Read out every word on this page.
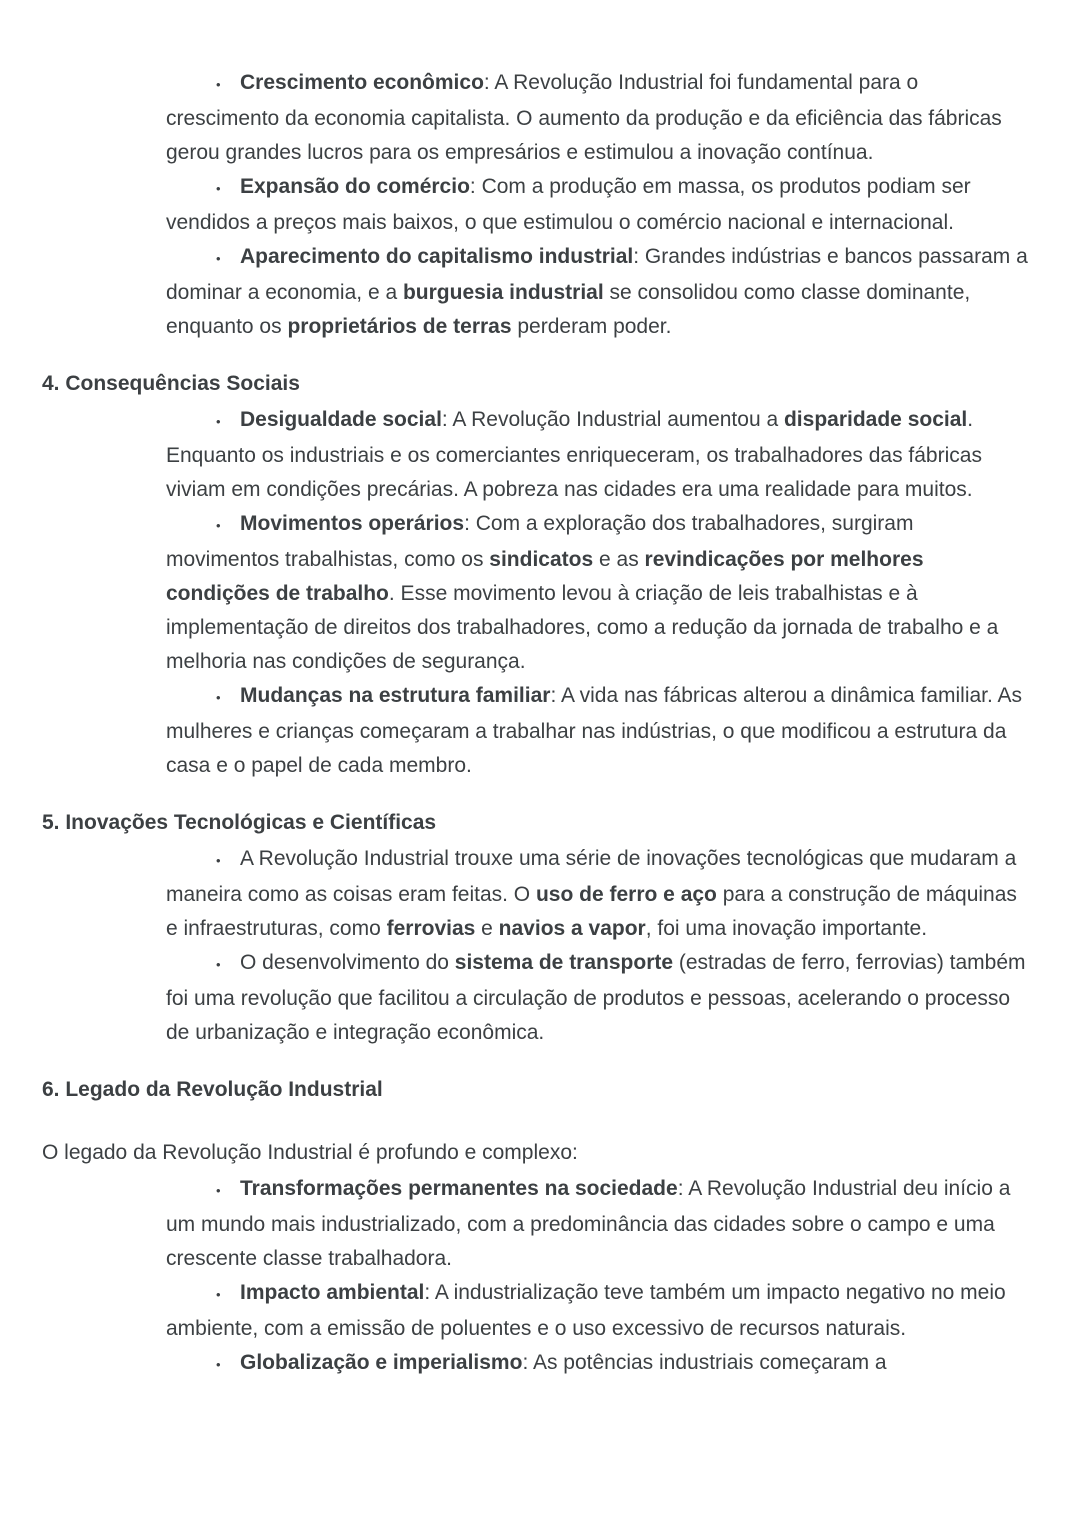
• Crescimento econômico: A Revolução Industrial foi fundamental para o crescimento da economia capitalista. O aumento da produção e da eficiência das fábricas gerou grandes lucros para os empresários e estimulou a inovação contínua.

• Expansão do comércio: Com a produção em massa, os produtos podiam ser vendidos a preços mais baixos, o que estimulou o comércio nacional e internacional.

• Aparecimento do capitalismo industrial: Grandes indústrias e bancos passaram a dominar a economia, e a burguesia industrial se consolidou como classe dominante, enquanto os proprietários de terras perderam poder.

4. Consequências Sociais

• Desigualdade social: A Revolução Industrial aumentou a disparidade social. Enquanto os industriais e os comerciantes enriqueceram, os trabalhadores das fábricas viviam em condições precárias. A pobreza nas cidades era uma realidade para muitos.

• Movimentos operários: Com a exploração dos trabalhadores, surgiram movimentos trabalhistas, como os sindicatos e as revindicações por melhores condições de trabalho. Esse movimento levou à criação de leis trabalhistas e à implementação de direitos dos trabalhadores, como a redução da jornada de trabalho e a melhoria nas condições de segurança.

• Mudanças na estrutura familiar: A vida nas fábricas alterou a dinâmica familiar. As mulheres e crianças começaram a trabalhar nas indústrias, o que modificou a estrutura da casa e o papel de cada membro.

5. Inovações Tecnológicas e Científicas

• A Revolução Industrial trouxe uma série de inovações tecnológicas que mudaram a maneira como as coisas eram feitas. O uso de ferro e aço para a construção de máquinas e infraestruturas, como ferrovias e navios a vapor, foi uma inovação importante.

• O desenvolvimento do sistema de transporte (estradas de ferro, ferrovias) também foi uma revolução que facilitou a circulação de produtos e pessoas, acelerando o processo de urbanização e integração econômica.

6. Legado da Revolução Industrial

O legado da Revolução Industrial é profundo e complexo:

• Transformações permanentes na sociedade: A Revolução Industrial deu início a um mundo mais industrializado, com a predominância das cidades sobre o campo e uma crescente classe trabalhadora.

• Impacto ambiental: A industrialização teve também um impacto negativo no meio ambiente, com a emissão de poluentes e o uso excessivo de recursos naturais.

• Globalização e imperialismo: As potências industriais começaram a
